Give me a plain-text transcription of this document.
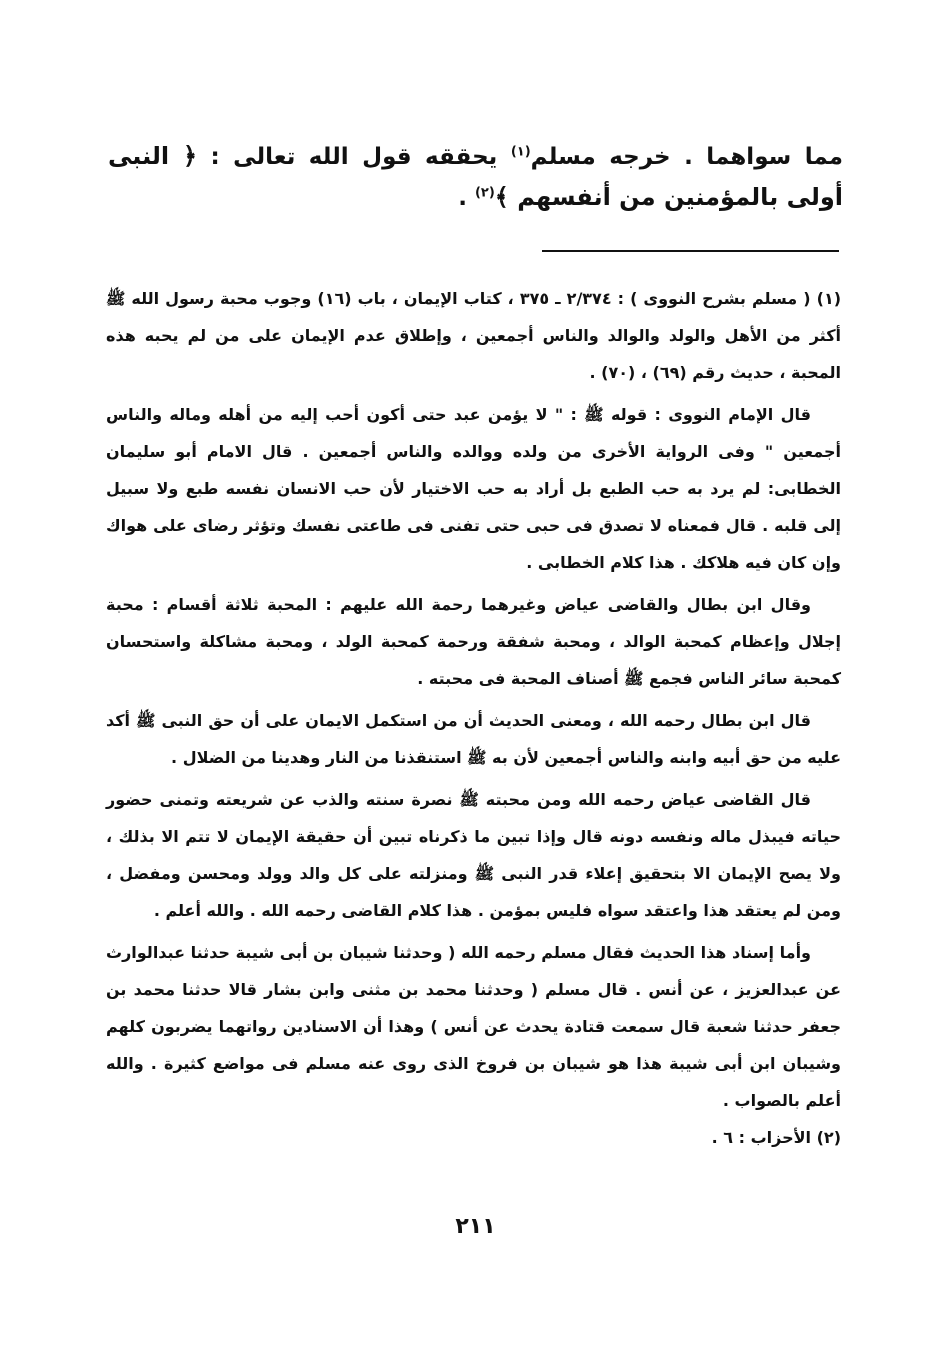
مما سواهما . خرجه مسلم$^{(١)}$ يحققه قول الله تعالى : ﴿ النبى أولى بالمؤمنين من أنفسهم ﴾$^{(٢)}$ .

(١) ( مسلم بشرح النووى ) : ٢/٣٧٤ ـ ٣٧٥ ، كتاب الإيمان ، باب (١٦) وجوب محبة رسول الله ﷺ أكثر من الأهل والولد والوالد والناس أجمعين ، وإطلاق عدم الإيمان على من لم يحبه هذه المحبة ، حديث رقم (٦٩) ، (٧٠) .

قال الإمام النووى : قوله ﷺ : " لا يؤمن عبد حتى أكون أحب إليه من أهله وماله والناس أجمعين " وفى الرواية الأخرى من ولده ووالده والناس أجمعين . قال الامام أبو سليمان الخطابى: لم يرد به حب الطبع بل أراد به حب الاختيار لأن حب الانسان نفسه طبع ولا سبيل إلى قلبه . قال فمعناه لا تصدق فى حبى حتى تفنى فى طاعتى نفسك وتؤثر رضاى على هواك وإن كان فيه هلاكك . هذا كلام الخطابى .

وقال ابن بطال والقاضى عياض وغيرهما رحمة الله عليهم : المحبة ثلاثة أقسام : محبة إجلال وإعظام كمحبة الوالد ، ومحبة شفقة ورحمة كمحبة الولد ، ومحبة مشاكلة واستحسان كمحبة سائر الناس فجمع ﷺ أصناف المحبة فى محبته .

قال ابن بطال رحمه الله ، ومعنى الحديث أن من استكمل الايمان على أن حق النبى ﷺ أكد عليه من حق أبيه وابنه والناس أجمعين لأن به ﷺ استنقذنا من النار وهدينا من الضلال .

قال القاضى عياض رحمه الله ومن محبته ﷺ نصرة سنته والذب عن شريعته وتمنى حضور حياته فيبذل ماله ونفسه دونه قال وإذا تبين ما ذكرناه تبين أن حقيقة الإيمان لا تتم الا بذلك ، ولا يصح الإيمان الا بتحقيق إعلاء قدر النبى ﷺ ومنزلته على كل والد وولد ومحسن ومفضل ، ومن لم يعتقد هذا واعتقد سواه فليس بمؤمن . هذا كلام القاضى رحمه الله . والله أعلم .

وأما إسناد هذا الحديث فقال مسلم رحمه الله ( وحدثنا شيبان بن أبى شيبة حدثنا عبدالوارث عن عبدالعزيز ، عن أنس . قال مسلم ( وحدثنا محمد بن مثنى وابن بشار قالا حدثنا محمد بن جعفر حدثنا شعبة قال سمعت قتادة يحدث عن أنس ) وهذا أن الاسنادين رواتهما يضربون كلهم وشيبان ابن أبى شيبة هذا هو شيبان بن فروخ الذى روى عنه مسلم فى مواضع كثيرة . والله أعلم بالصواب .

(٢) الأحزاب : ٦ .

٢١١
